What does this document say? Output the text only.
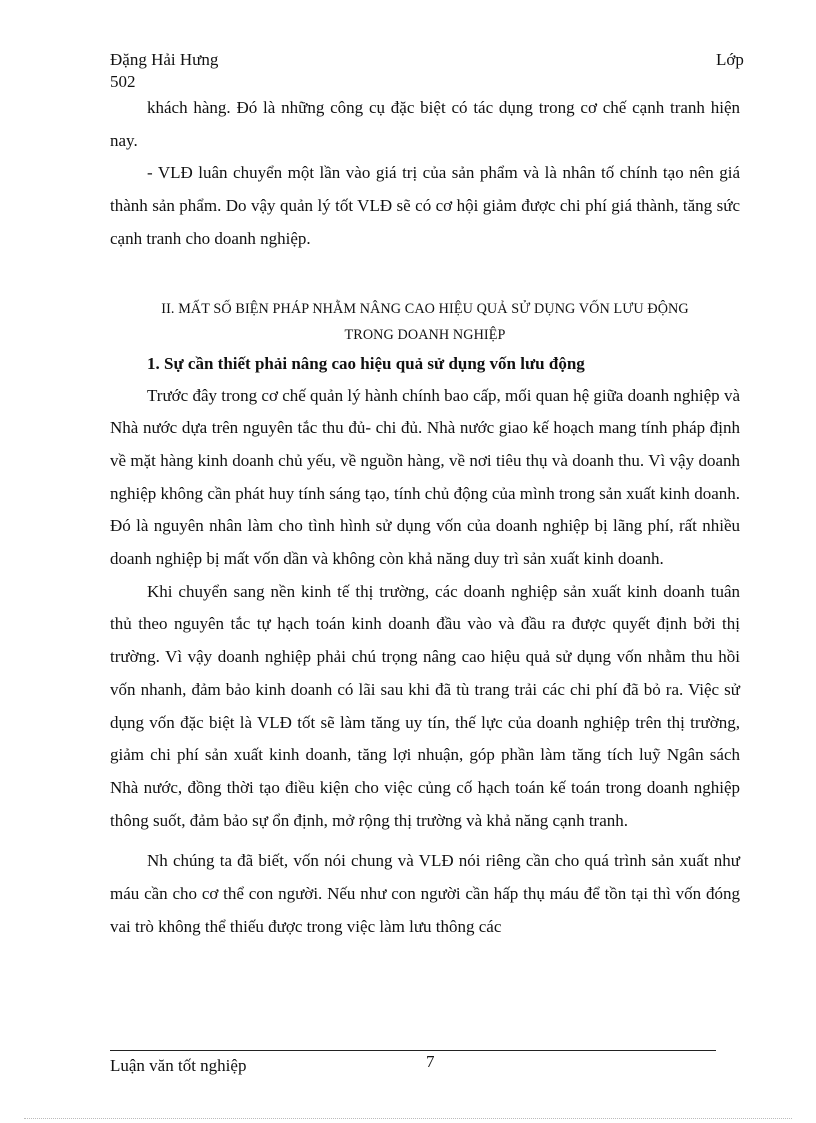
Đặng Hải Hưng	Lớp
502

khách hàng. Đó là những công cụ đặc biệt có tác dụng trong cơ chế cạnh tranh hiện nay.

- VLĐ luân chuyển một lần vào giá trị của sản phẩm và là nhân tố chính tạo nên giá thành sản phẩm. Do vậy quản lý tốt VLĐ sẽ có cơ hội giảm được chi phí giá thành, tăng sức cạnh tranh cho doanh nghiệp.

II. MẤT SỐ BIỆN PHÁP NHẰM NÂNG CAO HIỆU QUẢ SỬ DỤNG VỐN LƯU ĐỘNG

TRONG DOANH NGHIỆP

1. Sự cần thiết phải nâng cao hiệu quả sử dụng vốn lưu động

Trước đây trong cơ chế quản lý hành chính bao cấp, mối quan hệ giữa doanh nghiệp và Nhà nước dựa trên nguyên tắc thu đủ- chi đủ. Nhà nước giao kế hoạch mang tính pháp định về mặt hàng kinh doanh chủ yếu, về nguồn hàng, về nơi tiêu thụ và doanh thu. Vì vậy doanh nghiệp không cần phát huy tính sáng tạo, tính chủ động của mình trong sản xuất kinh doanh. Đó là nguyên nhân làm cho tình hình sử dụng vốn của doanh nghiệp bị lãng phí, rất nhiều doanh nghiệp bị mất vốn dần và không còn khả năng duy trì sản xuất kinh doanh.

Khi chuyển sang nền kinh tế thị trường, các doanh nghiệp sản xuất kinh doanh tuân thủ theo nguyên tắc tự hạch toán kinh doanh đầu vào và đầu ra được quyết định bởi thị trường. Vì vậy doanh nghiệp phải chú trọng nâng cao hiệu quả sử dụng vốn nhằm thu hồi vốn nhanh, đảm bảo kinh doanh có lãi sau khi đã tù trang trải các chi phí đã bỏ ra. Việc sử dụng vốn đặc biệt là VLĐ tốt sẽ làm tăng uy tín, thế lực của doanh nghiệp trên thị trường, giảm chi phí sản xuất kinh doanh, tăng lợi nhuận, góp phần làm tăng tích luỹ Ngân sách Nhà nước, đồng thời tạo điều kiện cho việc củng cố hạch toán kế toán trong doanh nghiệp thông suốt, đảm bảo sự ổn định, mở rộng thị trường và khả năng cạnh tranh.

Nh chúng ta đã biết, vốn nói chung và VLĐ nói riêng cần cho quá trình sản xuất như máu cần cho cơ thể con người. Nếu như con người cần hấp thụ máu để tồn tại thì vốn đóng vai trò không thể thiếu được trong việc làm lưu thông các

Luận văn tốt nghiệp	7
